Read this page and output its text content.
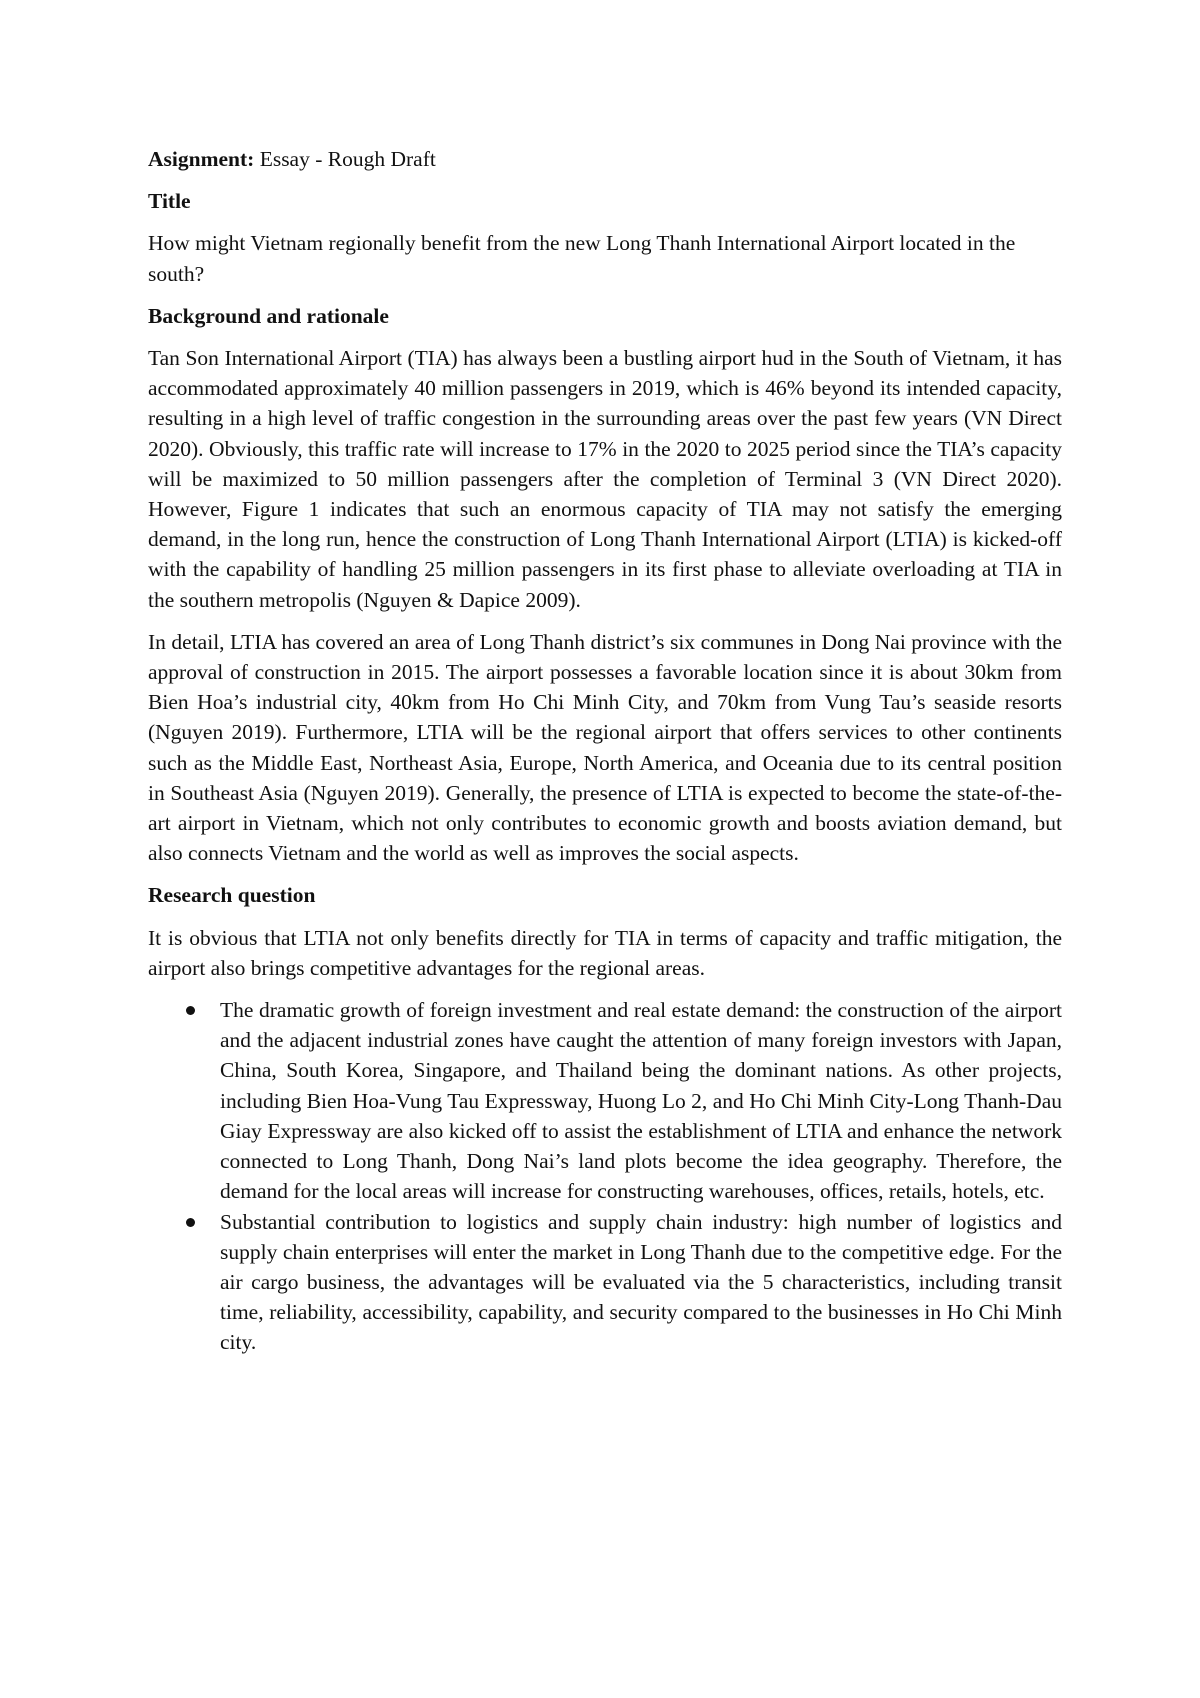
Asignment: Essay - Rough Draft

Title

How might Vietnam regionally benefit from the new Long Thanh International Airport located in the south?

Background and rationale

Tan Son International Airport (TIA) has always been a bustling airport hud in the South of Vietnam, it has accommodated approximately 40 million passengers in 2019, which is 46% beyond its intended capacity, resulting in a high level of traffic congestion in the surrounding areas over the past few years (VN Direct 2020). Obviously, this traffic rate will increase to 17% in the 2020 to 2025 period since the TIA’s capacity will be maximized to 50 million passengers after the completion of Terminal 3 (VN Direct 2020). However, Figure 1 indicates that such an enormous capacity of TIA may not satisfy the emerging demand, in the long run, hence the construction of Long Thanh International Airport (LTIA) is kicked-off with the capability of handling 25 million passengers in its first phase to alleviate overloading at TIA in the southern metropolis (Nguyen & Dapice 2009).

In detail, LTIA has covered an area of Long Thanh district’s six communes in Dong Nai province with the approval of construction in 2015. The airport possesses a favorable location since it is about 30km from Bien Hoa’s industrial city, 40km from Ho Chi Minh City, and 70km from Vung Tau’s seaside resorts (Nguyen 2019). Furthermore, LTIA will be the regional airport that offers services to other continents such as the Middle East, Northeast Asia, Europe, North America, and Oceania due to its central position in Southeast Asia (Nguyen 2019). Generally, the presence of LTIA is expected to become the state-of-the-art airport in Vietnam, which not only contributes to economic growth and boosts aviation demand, but also connects Vietnam and the world as well as improves the social aspects.

Research question

It is obvious that LTIA not only benefits directly for TIA in terms of capacity and traffic mitigation, the airport also brings competitive advantages for the regional areas.

The dramatic growth of foreign investment and real estate demand: the construction of the airport and the adjacent industrial zones have caught the attention of many foreign investors with Japan, China, South Korea, Singapore, and Thailand being the dominant nations. As other projects, including Bien Hoa-Vung Tau Expressway, Huong Lo 2, and Ho Chi Minh City-Long Thanh-Dau Giay Expressway are also kicked off to assist the establishment of LTIA and enhance the network connected to Long Thanh, Dong Nai’s land plots become the idea geography. Therefore, the demand for the local areas will increase for constructing warehouses, offices, retails, hotels, etc.
Substantial contribution to logistics and supply chain industry: high number of logistics and supply chain enterprises will enter the market in Long Thanh due to the competitive edge. For the air cargo business, the advantages will be evaluated via the 5 characteristics, including transit time, reliability, accessibility, capability, and security compared to the businesses in Ho Chi Minh city.
